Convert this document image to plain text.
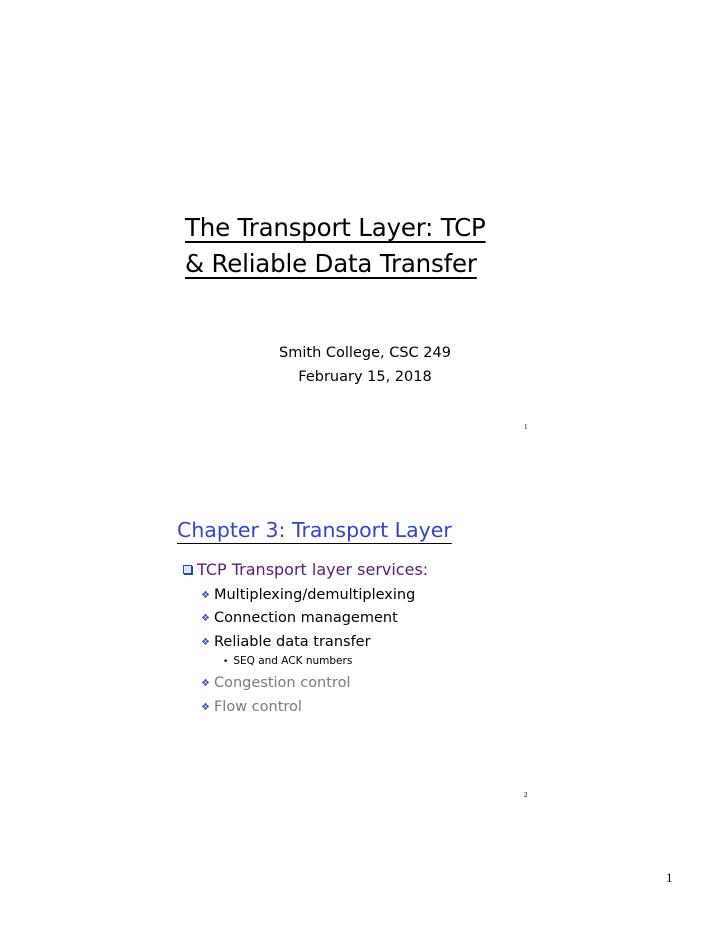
The Transport Layer: TCP
& Reliable Data Transfer
Smith College, CSC 249
February 15, 2018
1
Chapter 3: Transport Layer
TCP Transport layer services:
❖ Multiplexing/demultiplexing
❖ Connection management
❖ Reliable data transfer
• SEQ and ACK numbers
❖ Congestion control
❖ Flow control
2
1
